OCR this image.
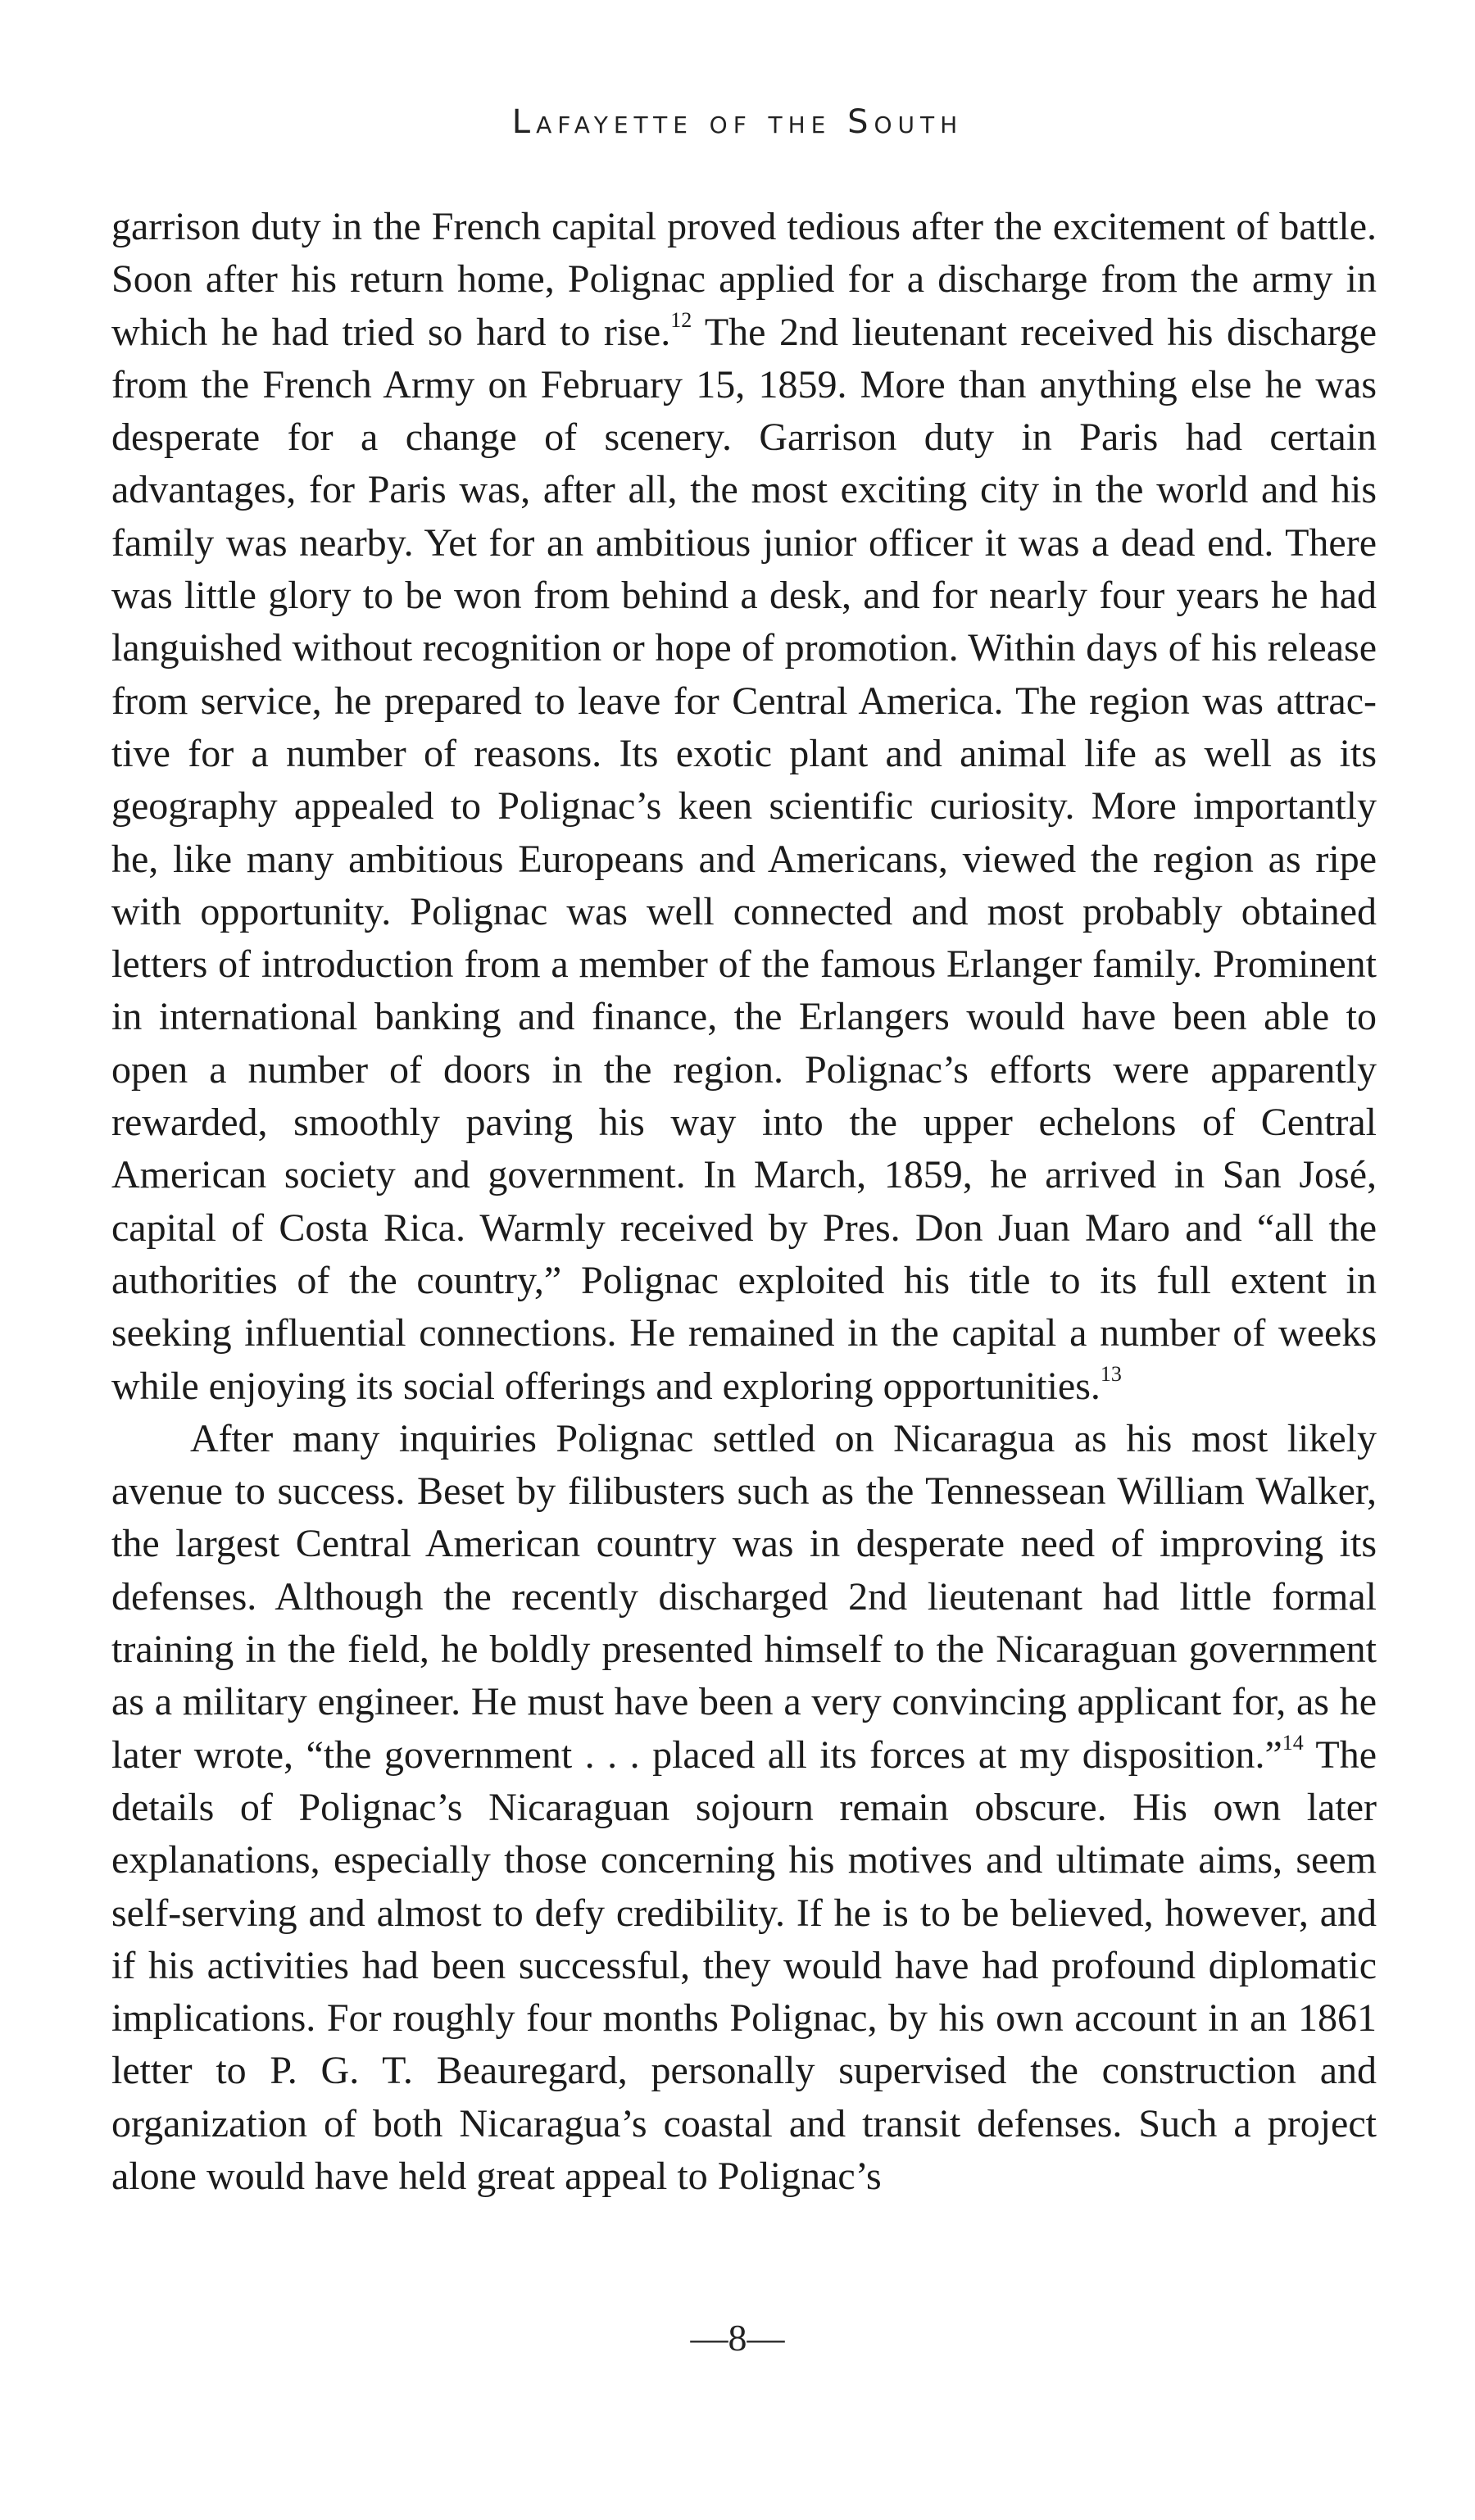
Lafayette of the South

garrison duty in the French capital proved tedious after the excitement of battle. Soon after his return home, Polignac applied for a discharge from the army in which he had tried so hard to rise.$^{12}$ The 2nd lieutenant received his discharge from the French Army on February 15, 1859. More than anything else he was desperate for a change of scenery. Garrison duty in Paris had certain advantages, for Paris was, after all, the most exciting city in the world and his family was nearby. Yet for an ambitious junior officer it was a dead end. There was little glory to be won from behind a desk, and for nearly four years he had languished without recognition or hope of promotion. Within days of his release from service, he prepared to leave for Central America. The region was attractive for a number of reasons. Its exotic plant and animal life as well as its geography appealed to Polignac’s keen scientific curiosity. More importantly he, like many ambitious Europeans and Americans, viewed the region as ripe with opportunity. Polignac was well connected and most probably obtained letters of introduction from a member of the famous Erlanger family. Prominent in international banking and finance, the Erlangers would have been able to open a number of doors in the region. Polignac’s efforts were apparently rewarded, smoothly paving his way into the upper echelons of Central American society and government. In March, 1859, he arrived in San José, capital of Costa Rica. Warmly received by Pres. Don Juan Maro and “all the authorities of the country,” Polignac exploited his title to its full extent in seeking influential connections. He remained in the capital a number of weeks while enjoying its social offerings and exploring opportunities.$^{13}$

After many inquiries Polignac settled on Nicaragua as his most likely avenue to success. Beset by filibusters such as the Tennessean William Walker, the largest Central American country was in desperate need of improving its defenses. Although the recently discharged 2nd lieutenant had little formal training in the field, he boldly presented himself to the Nicaraguan government as a military engineer. He must have been a very convincing applicant for, as he later wrote, “the government . . . placed all its forces at my disposition.”$^{14}$ The details of Polignac’s Nicaraguan sojourn remain obscure. His own later explanations, especially those concerning his motives and ultimate aims, seem self-serving and almost to defy credibility. If he is to be believed, however, and if his activities had been successful, they would have had profound diplomatic implications. For roughly four months Polignac, by his own account in an 1861 letter to P. G. T. Beauregard, personally supervised the construction and organization of both Nicaragua’s coastal and transit defenses. Such a project alone would have held great appeal to Polignac’s

—8—
